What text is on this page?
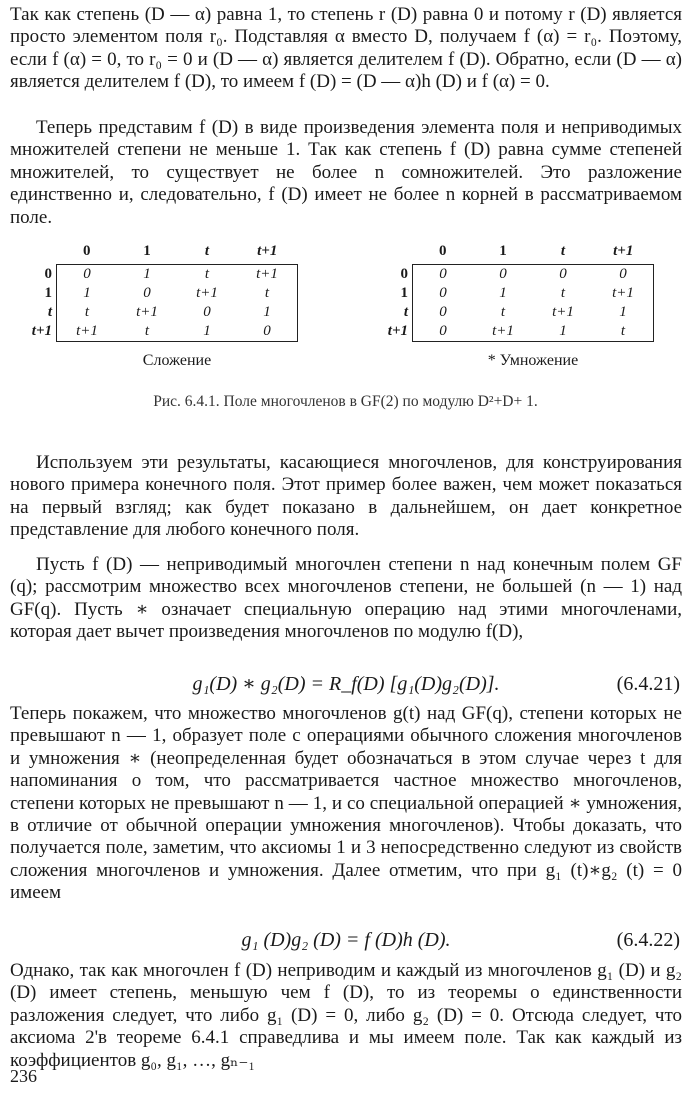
Так как степень (D — α) равна 1, то степень r (D) равна 0 и потому r (D) является просто элементом поля r₀. Подставляя α вместо D, получаем f (α) = r₀. Поэтому, если f (α) = 0, то r₀ = 0 и (D — α) является делителем f (D). Обратно, если (D — α) является делителем f (D), то имеем f (D) = (D — α)h (D) и f (α) = 0.

Теперь представим f (D) в виде произведения элемента поля и неприводимых множителей степени не меньше 1. Так как степень f (D) равна сумме степеней множителей, то существует не более n сомножителей. Это разложение единственно и, следовательно, f (D) имеет не более n корней в рассматриваемом поле.

	0	1	t	t+1
0	0	1	t	t+1
1	1	0	t+1	t
t	t	t+1	0	1
t+1	t+1	t	1	0
Сложение
	0	1	t	t+1
0	0	0	0	0
1	0	1	t	t+1
t	0	t	t+1	1
t+1	0	t+1	1	t
* Умножение
Рис. 6.4.1. Поле многочленов в GF(2) по модулю D²+D+ 1.

Используем эти результаты, касающиеся многочленов, для конструирования нового примера конечного поля. Этот пример более важен, чем может показаться на первый взгляд; как будет показано в дальнейшем, он дает конкретное представление для любого конечного поля.

Пусть f (D) — неприводимый многочлен степени n над конечным полем GF (q); рассмотрим множество всех многочленов степени, не большей (n — 1) над GF(q). Пусть ∗ означает специальную операцию над этими многочленами, которая дает вычет произведения многочленов по модулю f(D),

g₁(D) ∗ g₂(D) = R_f(D) [g₁(D)g₂(D)].	(6.4.21)

Теперь покажем, что множество многочленов g(t) над GF(q), степени которых не превышают n — 1, образует поле с операциями обычного сложения многочленов и умножения ∗ (неопределенная будет обозначаться в этом случае через t для напоминания о том, что рассматривается частное множество многочленов, степени которых не превышают n — 1, и со специальной операцией ∗ умножения, в отличие от обычной операции умножения многочленов). Чтобы доказать, что получается поле, заметим, что аксиомы 1 и 3 непосредственно следуют из свойств сложения многочленов и умножения. Далее отметим, что при g₁ (t)∗g₂ (t) = 0 имеем

g₁ (D)g₂ (D) = f (D)h (D).	(6.4.22)

Однако, так как многочлен f (D) неприводим и каждый из многочленов g₁ (D) и g₂ (D) имеет степень, меньшую чем f (D), то из теоремы о единственности разложения следует, что либо g₁ (D) = 0, либо g₂ (D) = 0. Отсюда следует, что аксиома 2'в теореме 6.4.1 справедлива и мы имеем поле. Так как каждый из коэффициентов g₀, g₁, …, gₙ₋₁

236
